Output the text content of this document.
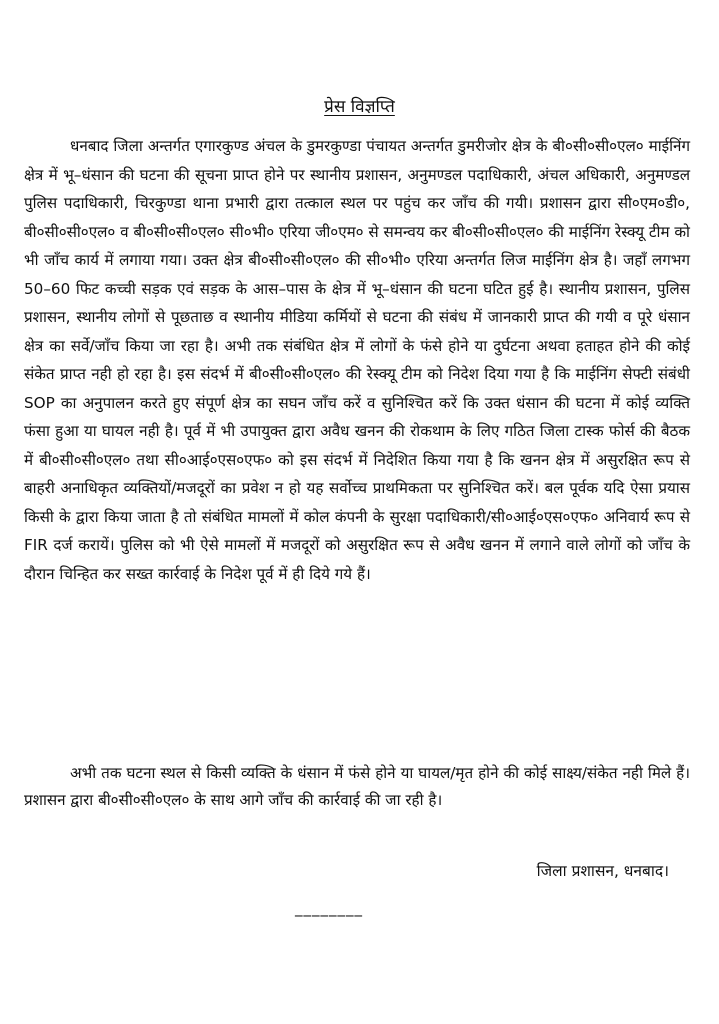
प्रेस विज्ञप्ति

धनबाद जिला अन्तर्गत एगारकुण्ड अंचल के डुमरकुण्डा पंचायत अन्तर्गत डुमरीजोर क्षेत्र के बी०सी०सी०एल० माईनिंग क्षेत्र में भू–धंसान की घटना की सूचना प्राप्त होने पर स्थानीय प्रशासन, अनुमण्डल पदाधिकारी, अंचल अधिकारी, अनुमण्डल पुलिस पदाधिकारी, चिरकुण्डा थाना प्रभारी द्वारा तत्काल स्थल पर पहुंच कर जाँच की गयी। प्रशासन द्वारा सी०एम०डी०, बी०सी०सी०एल० व बी०सी०सी०एल० सी०भी० एरिया जी०एम० से समन्वय कर बी०सी०सी०एल० की माईनिंग रेस्क्यू टीम को भी जाँच कार्य में लगाया गया। उक्त क्षेत्र बी०सी०सी०एल० की सी०भी० एरिया अन्तर्गत लिज माईनिंग क्षेत्र है। जहाँ लगभग 50–60 फिट कच्ची सड़क एवं सड़क के आस–पास के क्षेत्र में भू–धंसान की घटना घटित हुई है। स्थानीय प्रशासन, पुलिस प्रशासन, स्थानीय लोगों से पूछताछ व स्थानीय मीडिया कर्मियों से घटना की संबंध में जानकारी प्राप्त की गयी व पूरे धंसान क्षेत्र का सर्वे/जाँच किया जा रहा है। अभी तक संबंधित क्षेत्र में लोगों के फंसे होने या दुर्घटना अथवा हताहत होने की कोई संकेत प्राप्त नही हो रहा है। इस संदर्भ में बी०सी०सी०एल० की रेस्क्यू टीम को निदेश दिया गया है कि माईनिंग सेफ्टी संबंधी SOP का अनुपालन करते हुए संपूर्ण क्षेत्र का सघन जाँच करें व सुनिश्चित करें कि उक्त धंसान की घटना में कोई व्यक्ति फंसा हुआ या घायल नही है। पूर्व में भी उपायुक्त द्वारा अवैध खनन की रोकथाम के लिए गठित जिला टास्क फोर्स की बैठक में बी०सी०सी०एल० तथा सी०आई०एस०एफ० को इस संदर्भ में निदेशित किया गया है कि खनन क्षेत्र में असुरक्षित रूप से बाहरी अनाधिकृत व्यक्तियों/मजदूरों का प्रवेश न हो यह सर्वोच्च प्राथमिकता पर सुनिश्चित करें। बल पूर्वक यदि ऐसा प्रयास किसी के द्वारा किया जाता है तो संबंधित मामलों में कोल कंपनी के सुरक्षा पदाधिकारी/सी०आई०एस०एफ० अनिवार्य रूप से FIR दर्ज करायें। पुलिस को भी ऐसे मामलों में मजदूरों को असुरक्षित रूप से अवैध खनन में लगाने वाले लोगों को जाँच के दौरान चिन्हित कर सख्त कार्रवाई के निदेश पूर्व में ही दिये गये हैं।

अभी तक घटना स्थल से किसी व्यक्ति के धंसान में फंसे होने या घायल/मृत होने की कोई साक्ष्य/संकेत नही मिले हैं। प्रशासन द्वारा बी०सी०सी०एल० के साथ आगे जाँच की कार्रवाई की जा रही है।

जिला प्रशासन, धनबाद।
________
